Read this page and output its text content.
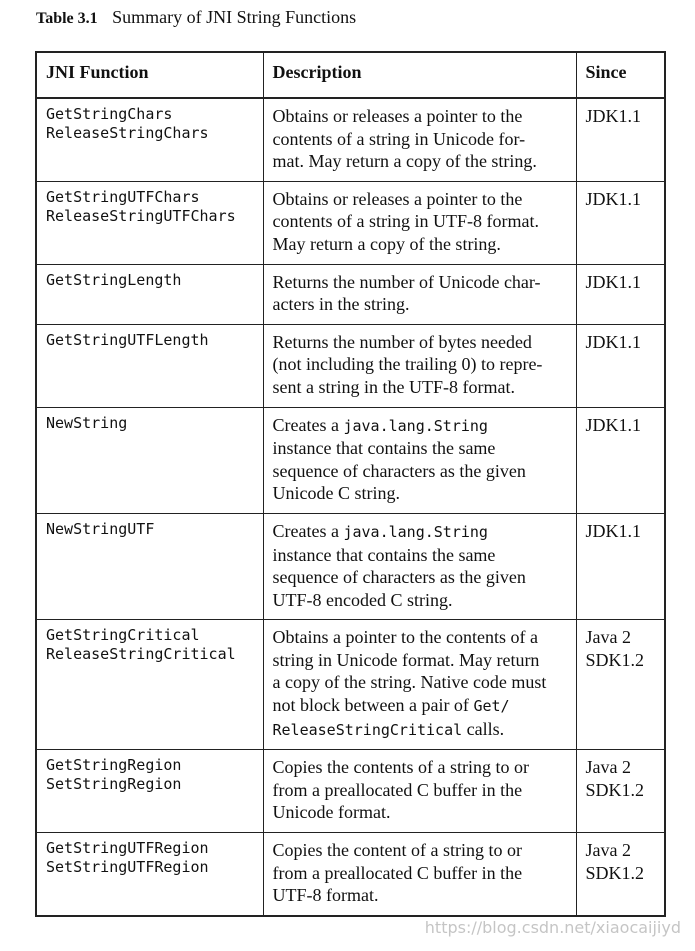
Table 3.1 Summary of JNI String Functions
JNI Function	Description	Since

GetStringChars
ReleaseStringChars	Obtains or releases a pointer to the
contents of a string in Unicode for-
mat. May return a copy of the string.	JDK1.1

GetStringUTFChars
ReleaseStringUTFChars	Obtains or releases a pointer to the
contents of a string in UTF-8 format.
May return a copy of the string.	JDK1.1

GetStringLength	Returns the number of Unicode char-
acters in the string.	JDK1.1

GetStringUTFLength	Returns the number of bytes needed
(not including the trailing 0) to repre-
sent a string in the UTF-8 format.	JDK1.1

NewString	Creates a java.lang.String
instance that contains the same
sequence of characters as the given
Unicode C string.	JDK1.1

NewStringUTF	Creates a java.lang.String
instance that contains the same
sequence of characters as the given
UTF-8 encoded C string.	JDK1.1

GetStringCritical
ReleaseStringCritical	Obtains a pointer to the contents of a
string in Unicode format. May return
a copy of the string. Native code must
not block between a pair of Get/
ReleaseStringCritical calls.	Java 2
SDK1.2

GetStringRegion
SetStringRegion	Copies the contents of a string to or
from a preallocated C buffer in the
Unicode format.	Java 2
SDK1.2

GetStringUTFRegion
SetStringUTFRegion	Copies the content of a string to or
from a preallocated C buffer in the
UTF-8 format.	Java 2
SDK1.2
https://blog.csdn.net/xiaocaijiyd
